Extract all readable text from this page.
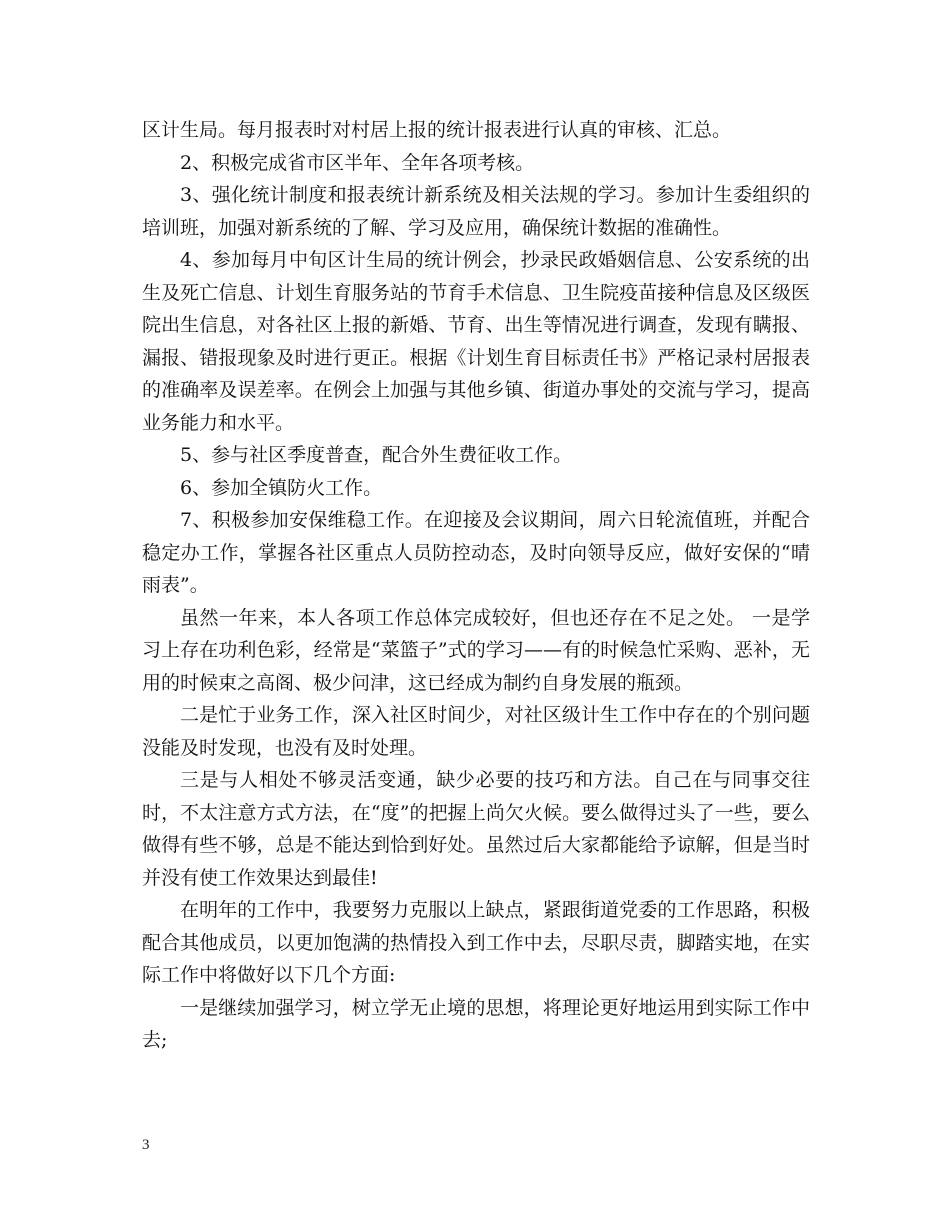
区计生局。每月报表时对村居上报的统计报表进行认真的审核、汇总。

2、积极完成省市区半年、全年各项考核。

3、强化统计制度和报表统计新系统及相关法规的学习。参加计生委组织的培训班，加强对新系统的了解、学习及应用，确保统计数据的准确性。

4、参加每月中旬区计生局的统计例会，抄录民政婚姻信息、公安系统的出生及死亡信息、计划生育服务站的节育手术信息、卫生院疫苗接种信息及区级医院出生信息，对各社区上报的新婚、节育、出生等情况进行调查，发现有瞒报、漏报、错报现象及时进行更正。根据《计划生育目标责任书》严格记录村居报表的准确率及误差率。在例会上加强与其他乡镇、街道办事处的交流与学习，提高业务能力和水平。

5、参与社区季度普查，配合外生费征收工作。

6、参加全镇防火工作。

7、积极参加安保维稳工作。在迎接及会议期间，周六日轮流值班，并配合稳定办工作，掌握各社区重点人员防控动态，及时向领导反应，做好安保的“晴雨表”。

虽然一年来，本人各项工作总体完成较好，但也还存在不足之处。 一是学习上存在功利色彩，经常是“菜篮子”式的学习——有的时候急忙采购、恶补，无用的时候束之高阁、极少问津，这已经成为制约自身发展的瓶颈。

二是忙于业务工作，深入社区时间少，对社区级计生工作中存在的个别问题没能及时发现，也没有及时处理。

三是与人相处不够灵活变通，缺少必要的技巧和方法。自己在与同事交往时，不太注意方式方法，在“度”的把握上尚欠火候。要么做得过头了一些，要么做得有些不够，总是不能达到恰到好处。虽然过后大家都能给予谅解，但是当时并没有使工作效果达到最佳!

在明年的工作中，我要努力克服以上缺点，紧跟街道党委的工作思路，积极配合其他成员，以更加饱满的热情投入到工作中去，尽职尽责，脚踏实地，在实际工作中将做好以下几个方面:

一是继续加强学习，树立学无止境的思想，将理论更好地运用到实际工作中去;

3
